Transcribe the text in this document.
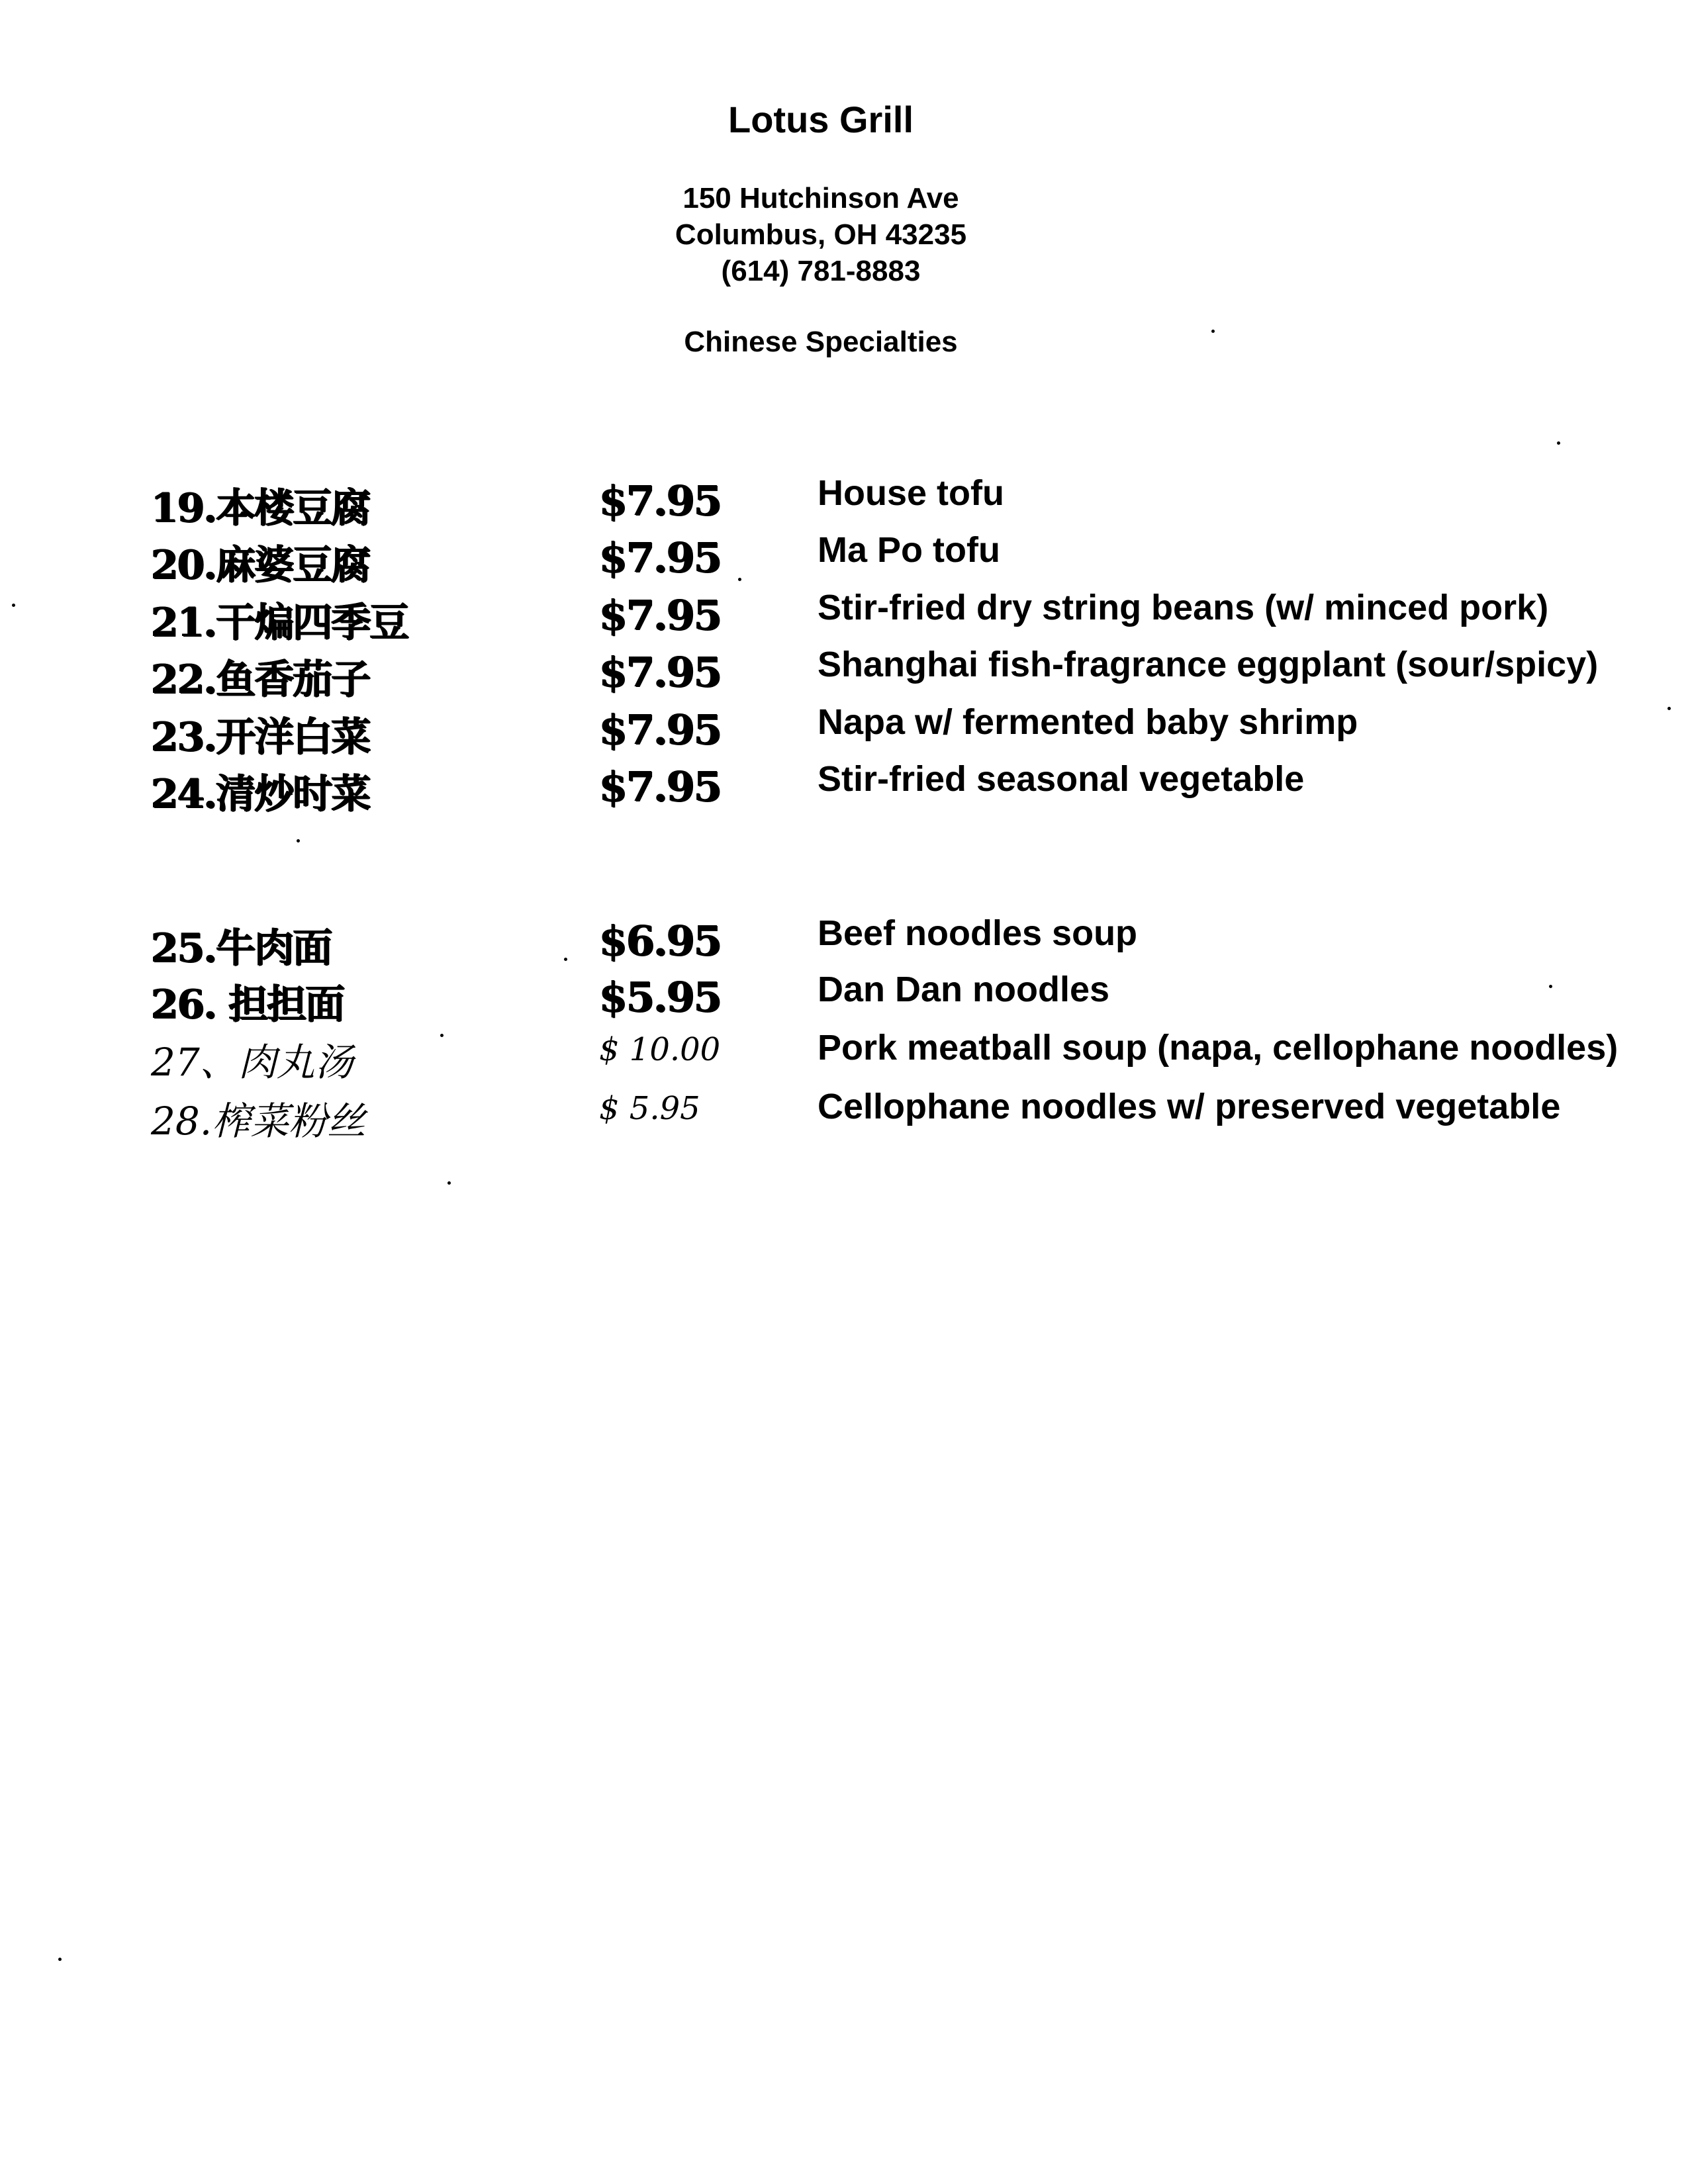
Lotus Grill
150 Hutchinson Ave
Columbus, OH 43235
(614) 781-8883
Chinese Specialties
19.本楼豆腐	$7.95	House tofu
20.麻婆豆腐	$7.95	Ma Po tofu
21.干煸四季豆	$7.95	Stir-fried dry string beans (w/ minced pork)
22.鱼香茄子	$7.95	Shanghai fish-fragrance eggplant (sour/spicy)
23.开洋白菜	$7.95	Napa w/ fermented baby shrimp
24.清炒时菜	$7.95	Stir-fried seasonal vegetable
25.牛肉面	$6.95	Beef noodles soup
26. 担担面	$5.95	Dan Dan noodles
27、肉丸汤	$ 10.00	Pork meatball soup (napa, cellophane noodles)
28.榨菜粉丝	$ 5.95	Cellophane noodles w/ preserved vegetable
